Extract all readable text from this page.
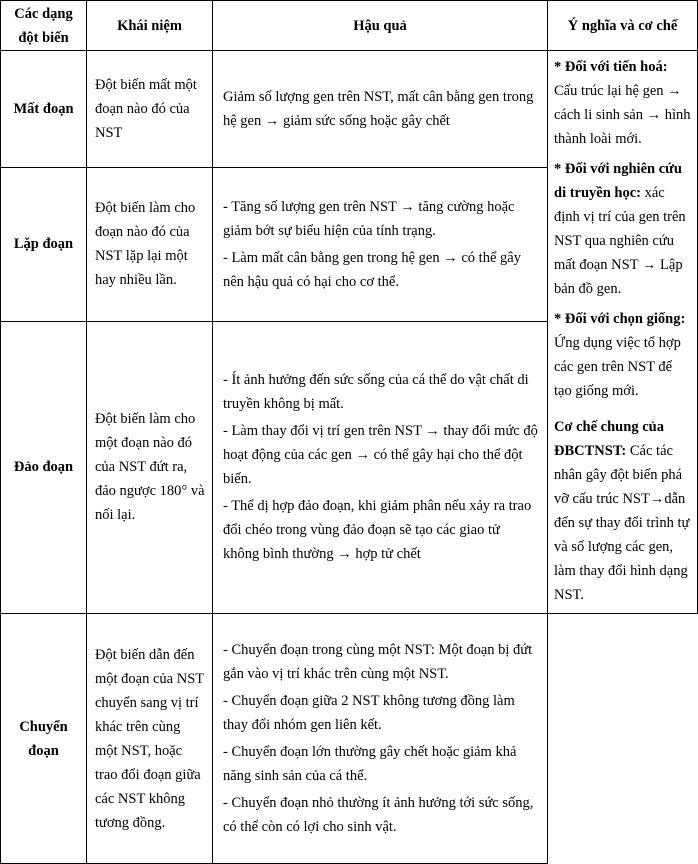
Các dạng đột biến	Khái niệm	Hậu quả	Ý nghĩa và cơ chế
Mất đoạn	Đột biến mất một đoạn nào đó của NST	Giảm số lượng gen trên NST, mất cân bằng gen trong hệ gen → giảm sức sống hoặc gây chết	* Đối với tiến hoá: Cấu trúc lại hệ gen → cách li sinh sản → hình thành loài mới.
* Đối với nghiên cứu di truyền học: xác định vị trí của gen trên NST qua nghiên cứu mất đoạn NST → Lập bản đồ gen.
* Đối với chọn giống: Ứng dụng việc tổ hợp các gen trên NST để tạo giống mới.
Cơ chế chung của ĐBCTNST: Các tác nhân gây đột biến phá vỡ cấu trúc NST→dẫn đến sự thay đổi trình tự và số lượng các gen, làm thay đổi hình dạng NST.

Lặp đoạn	Đột biến làm cho đoạn nào đó của NST lặp lại một hay nhiều lần.	- Tăng số lượng gen trên NST → tăng cường hoặc giảm bớt sự biểu hiện của tính trạng.

- Làm mất cân bằng gen trong hệ gen → có thể gây nên hậu quả có hại cho cơ thể.	

Đảo đoạn	Đột biến làm cho một đoạn nào đó của NST đứt ra, đảo ngược 180° và nối lại.	- Ít ảnh hưởng đến sức sống của cá thể do vật chất di truyền không bị mất.

- Làm thay đổi vị trí gen trên NST → thay đổi mức độ hoạt động của các gen → có thể gây hại cho thể đột biến.

- Thể dị hợp đảo đoạn, khi giảm phân nếu xảy ra trao đổi chéo trong vùng đảo đoạn sẽ tạo các giao tử không bình thường → hợp tử chết	

Chuyển đoạn	Đột biến dẫn đến một đoạn của NST chuyển sang vị trí khác trên cùng một NST, hoặc trao đổi đoạn giữa các NST không tương đồng.	- Chuyển đoạn trong cùng một NST: Một đoạn bị đứt gắn vào vị trí khác trên cùng một NST.

- Chuyển đoạn giữa 2 NST không tương đồng làm thay đổi nhóm gen liên kết.

- Chuyển đoạn lớn thường gây chết hoặc giảm khả năng sinh sản của cá thể.

- Chuyển đoạn nhỏ thường ít ảnh hưởng tới sức sống, có thể còn có lợi cho sinh vật.	
